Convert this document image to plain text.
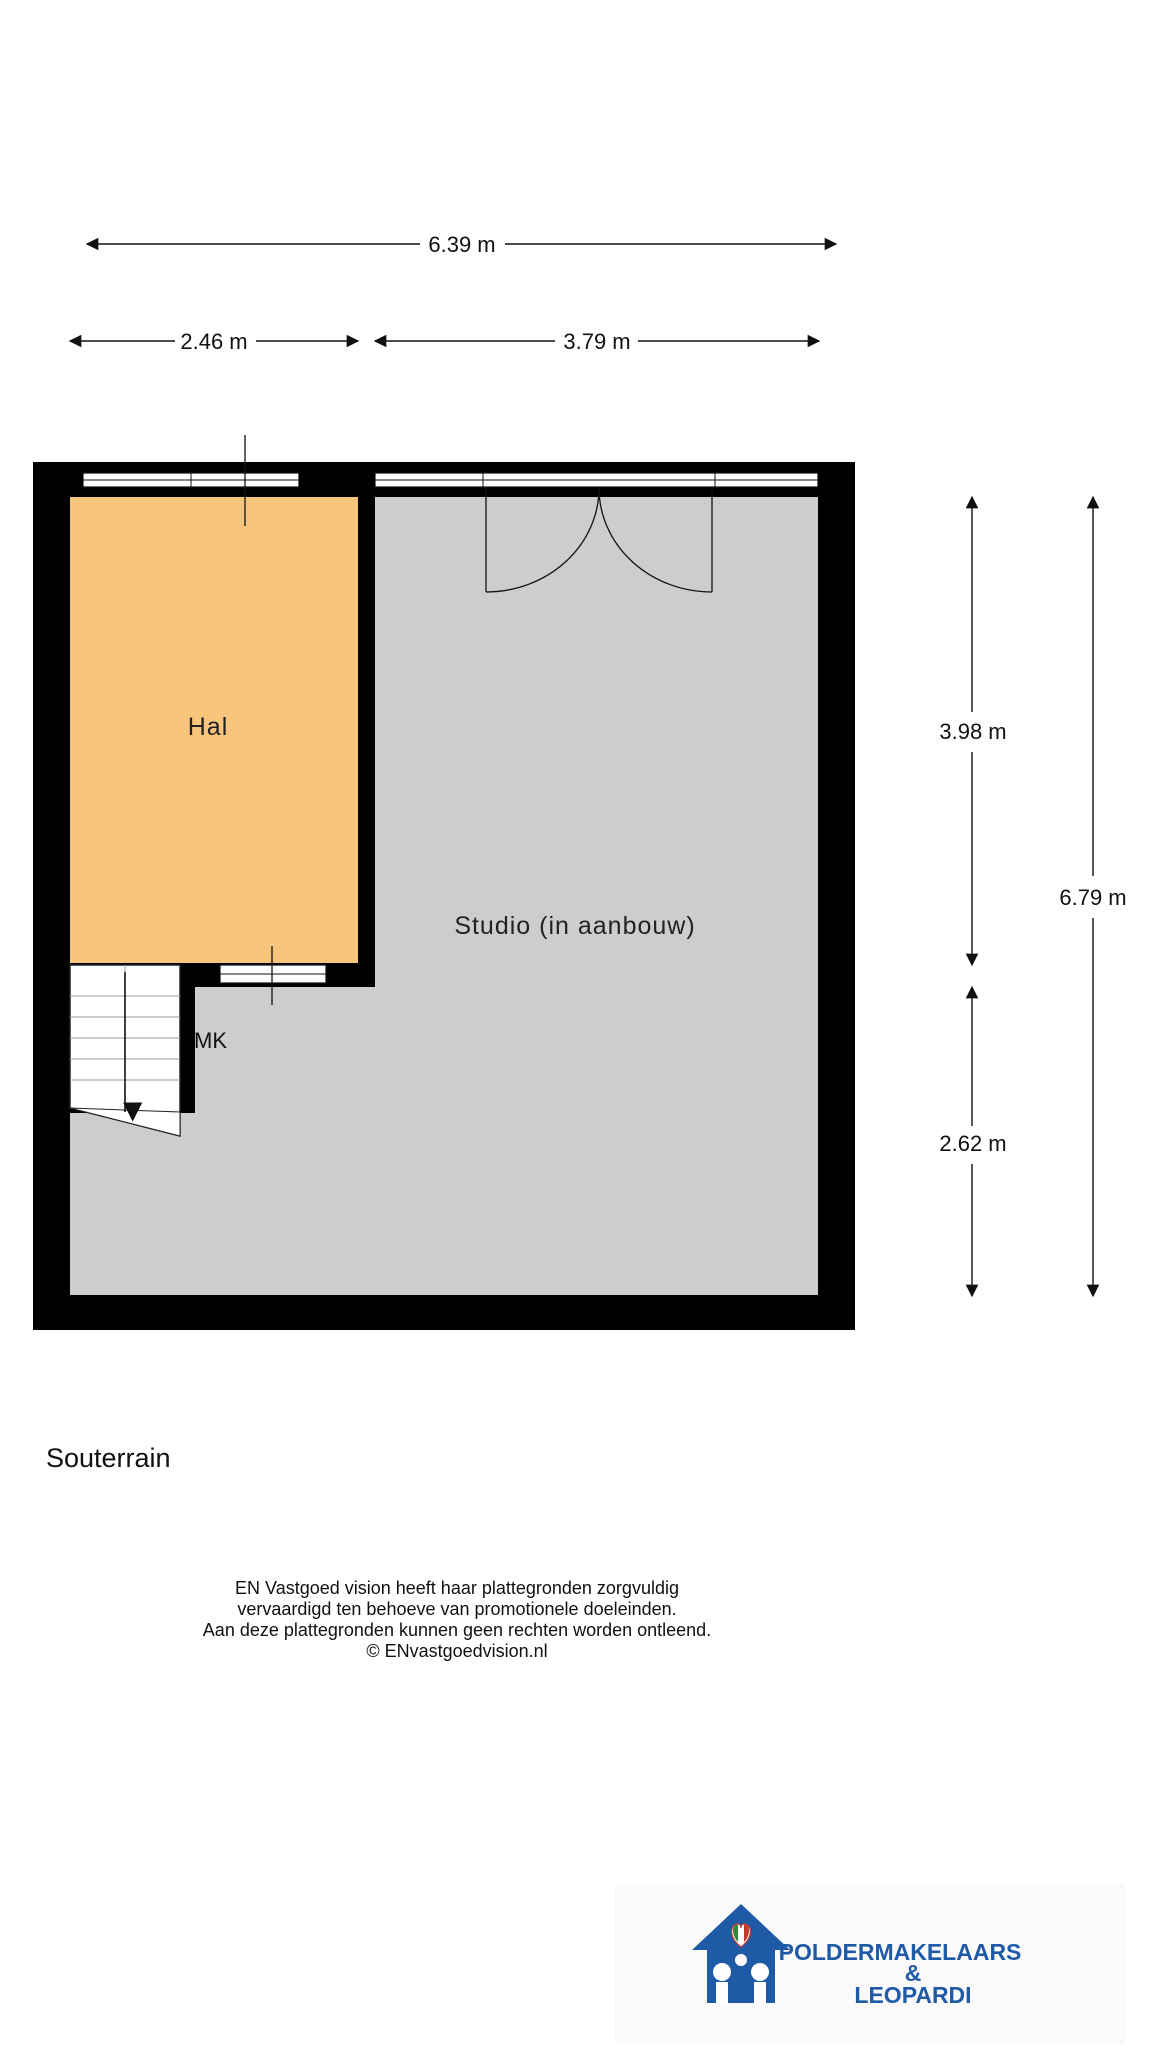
6.39 m
2.46 m	3.79 m
3.98 m
2.62 m
6.79 m
Hal
Studio (in aanbouw)
MK
Souterrain
EN Vastgoed vision heeft haar plattegronden zorgvuldig
vervaardigd ten behoeve van promotionele doeleinden.
Aan deze plattegronden kunnen geen rechten worden ontleend.
© ENvastgoedvision.nl
POLDERMAKELAARS
&
LEOPARDI
